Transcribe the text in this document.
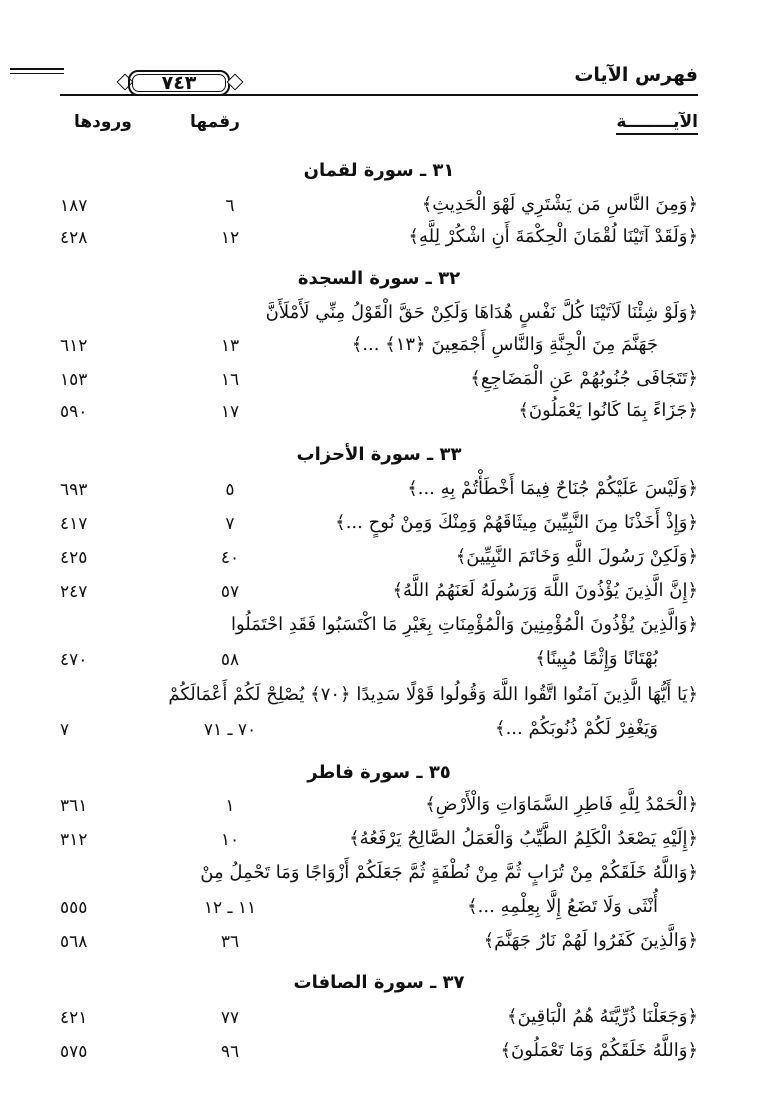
فهرس الآيات
٧٤٣
الآيــــــــة
رقمها
ورودها
٣١ ـ سورة لقمان
﴿وَمِنَ النَّاسِ مَن يَشْتَرِي لَهْوَ الْحَدِيثِ﴾
٦
١٨٧
﴿وَلَقَدْ آتَيْنَا لُقْمَانَ الْحِكْمَةَ أَنِ اشْكُرْ لِلَّهِ﴾
١٢
٤٢٨
٣٢ ـ سورة السجدة
﴿وَلَوْ شِئْنَا لَآتَيْنَا كُلَّ نَفْسٍ هُدَاهَا وَلَكِنْ حَقَّ الْقَوْلُ مِنِّي لَأَمْلَأَنَّ
جَهَنَّمَ مِنَ الْجِنَّةِ وَالنَّاسِ أَجْمَعِينَ ﴿١٣﴾ ...﴾
١٣
٦١٢
﴿تَتَجَافَى جُنُوبُهُمْ عَنِ الْمَضَاجِعِ﴾
١٦
١٥٣
﴿جَزَاءً بِمَا كَانُوا يَعْمَلُونَ﴾
١٧
٥٩٠
٣٣ ـ سورة الأحزاب
﴿وَلَيْسَ عَلَيْكُمْ جُنَاحٌ فِيمَا أَخْطَأْتُمْ بِهِ ...﴾
٥
٦٩٣
﴿وَإِذْ أَخَذْنَا مِنَ النَّبِيِّينَ مِيثَاقَهُمْ وَمِنْكَ وَمِنْ نُوحٍ ...﴾
٧
٤١٧
﴿وَلَكِنْ رَسُولَ اللَّهِ وَخَاتَمَ النَّبِيِّينَ﴾
٤٠
٤٢٥
﴿إِنَّ الَّذِينَ يُؤْذُونَ اللَّهَ وَرَسُولَهُ لَعَنَهُمُ اللَّهُ﴾
٥٧
٢٤٧
﴿وَالَّذِينَ يُؤْذُونَ الْمُؤْمِنِينَ وَالْمُؤْمِنَاتِ بِغَيْرِ مَا اكْتَسَبُوا فَقَدِ احْتَمَلُوا
بُهْتَانًا وَإِثْمًا مُبِينًا﴾
٥٨
٤٧٠
﴿يَا أَيُّهَا الَّذِينَ آمَنُوا اتَّقُوا اللَّهَ وَقُولُوا قَوْلًا سَدِيدًا ﴿٧٠﴾ يُصْلِحْ لَكُمْ أَعْمَالَكُمْ
وَيَغْفِرْ لَكُمْ ذُنُوبَكُمْ ...﴾
٧٠ ـ ٧١
٧
٣٥ ـ سورة فاطر
﴿الْحَمْدُ لِلَّهِ فَاطِرِ السَّمَاوَاتِ وَالْأَرْضِ﴾
١
٣٦١
﴿إِلَيْهِ يَصْعَدُ الْكَلِمُ الطَّيِّبُ وَالْعَمَلُ الصَّالِحُ يَرْفَعُهُ﴾
١٠
٣١٢
﴿وَاللَّهُ خَلَقَكُمْ مِنْ تُرَابٍ ثُمَّ مِنْ نُطْفَةٍ ثُمَّ جَعَلَكُمْ أَزْوَاجًا وَمَا تَحْمِلُ مِنْ
أُنْثَى وَلَا تَضَعُ إِلَّا بِعِلْمِهِ ...﴾
١١ ـ ١٢
٥٥٥
﴿وَالَّذِينَ كَفَرُوا لَهُمْ نَارُ جَهَنَّمَ﴾
٣٦
٥٦٨
٣٧ ـ سورة الصافات
﴿وَجَعَلْنَا ذُرِّيَّتَهُ هُمُ الْبَاقِينَ﴾
٧٧
٤٢١
﴿وَاللَّهُ خَلَقَكُمْ وَمَا تَعْمَلُونَ﴾
٩٦
٥٧٥
